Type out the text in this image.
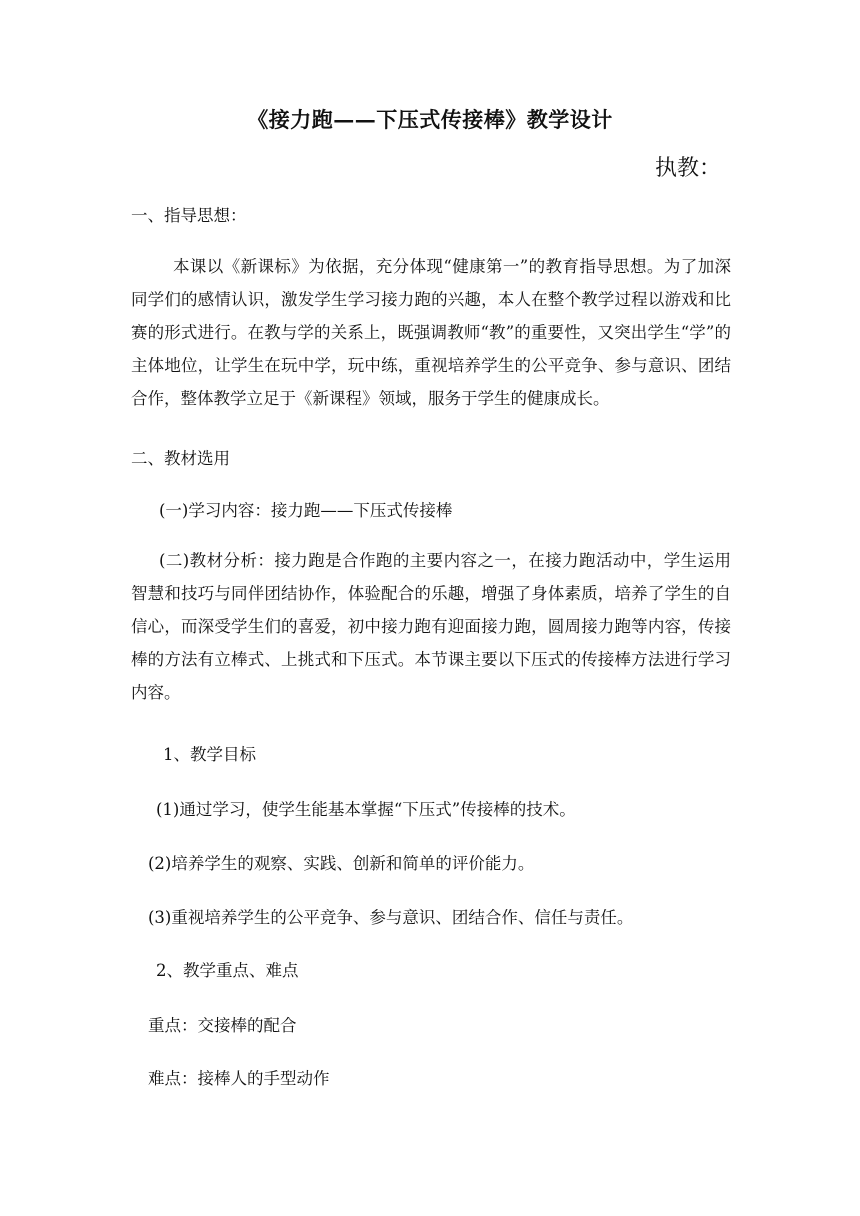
《接力跑——下压式传接棒》教学设计
执教：
一、指导思想：

本课以《新课标》为依据，充分体现“健康第一”的教育指导思想。为了加深同学们的感情认识，激发学生学习接力跑的兴趣，本人在整个教学过程以游戏和比赛的形式进行。在教与学的关系上，既强调教师“教”的重要性，又突出学生“学”的主体地位，让学生在玩中学，玩中练，重视培养学生的公平竞争、参与意识、团结合作，整体教学立足于《新课程》领域，服务于学生的健康成长。

二、教材选用
(一)学习内容：接力跑——下压式传接棒

(二)教材分析：接力跑是合作跑的主要内容之一，在接力跑活动中，学生运用智慧和技巧与同伴团结协作，体验配合的乐趣，增强了身体素质，培养了学生的自信心，而深受学生们的喜爱，初中接力跑有迎面接力跑，圆周接力跑等内容，传接棒的方法有立棒式、上挑式和下压式。本节课主要以下压式的传接棒方法进行学习内容。

1、教学目标
(1)通过学习，使学生能基本掌握“下压式”传接棒的技术。
(2)培养学生的观察、实践、创新和简单的评价能力。
(3)重视培养学生的公平竞争、参与意识、团结合作、信任与责任。
2、教学重点、难点
重点：交接棒的配合
难点：接棒人的手型动作
